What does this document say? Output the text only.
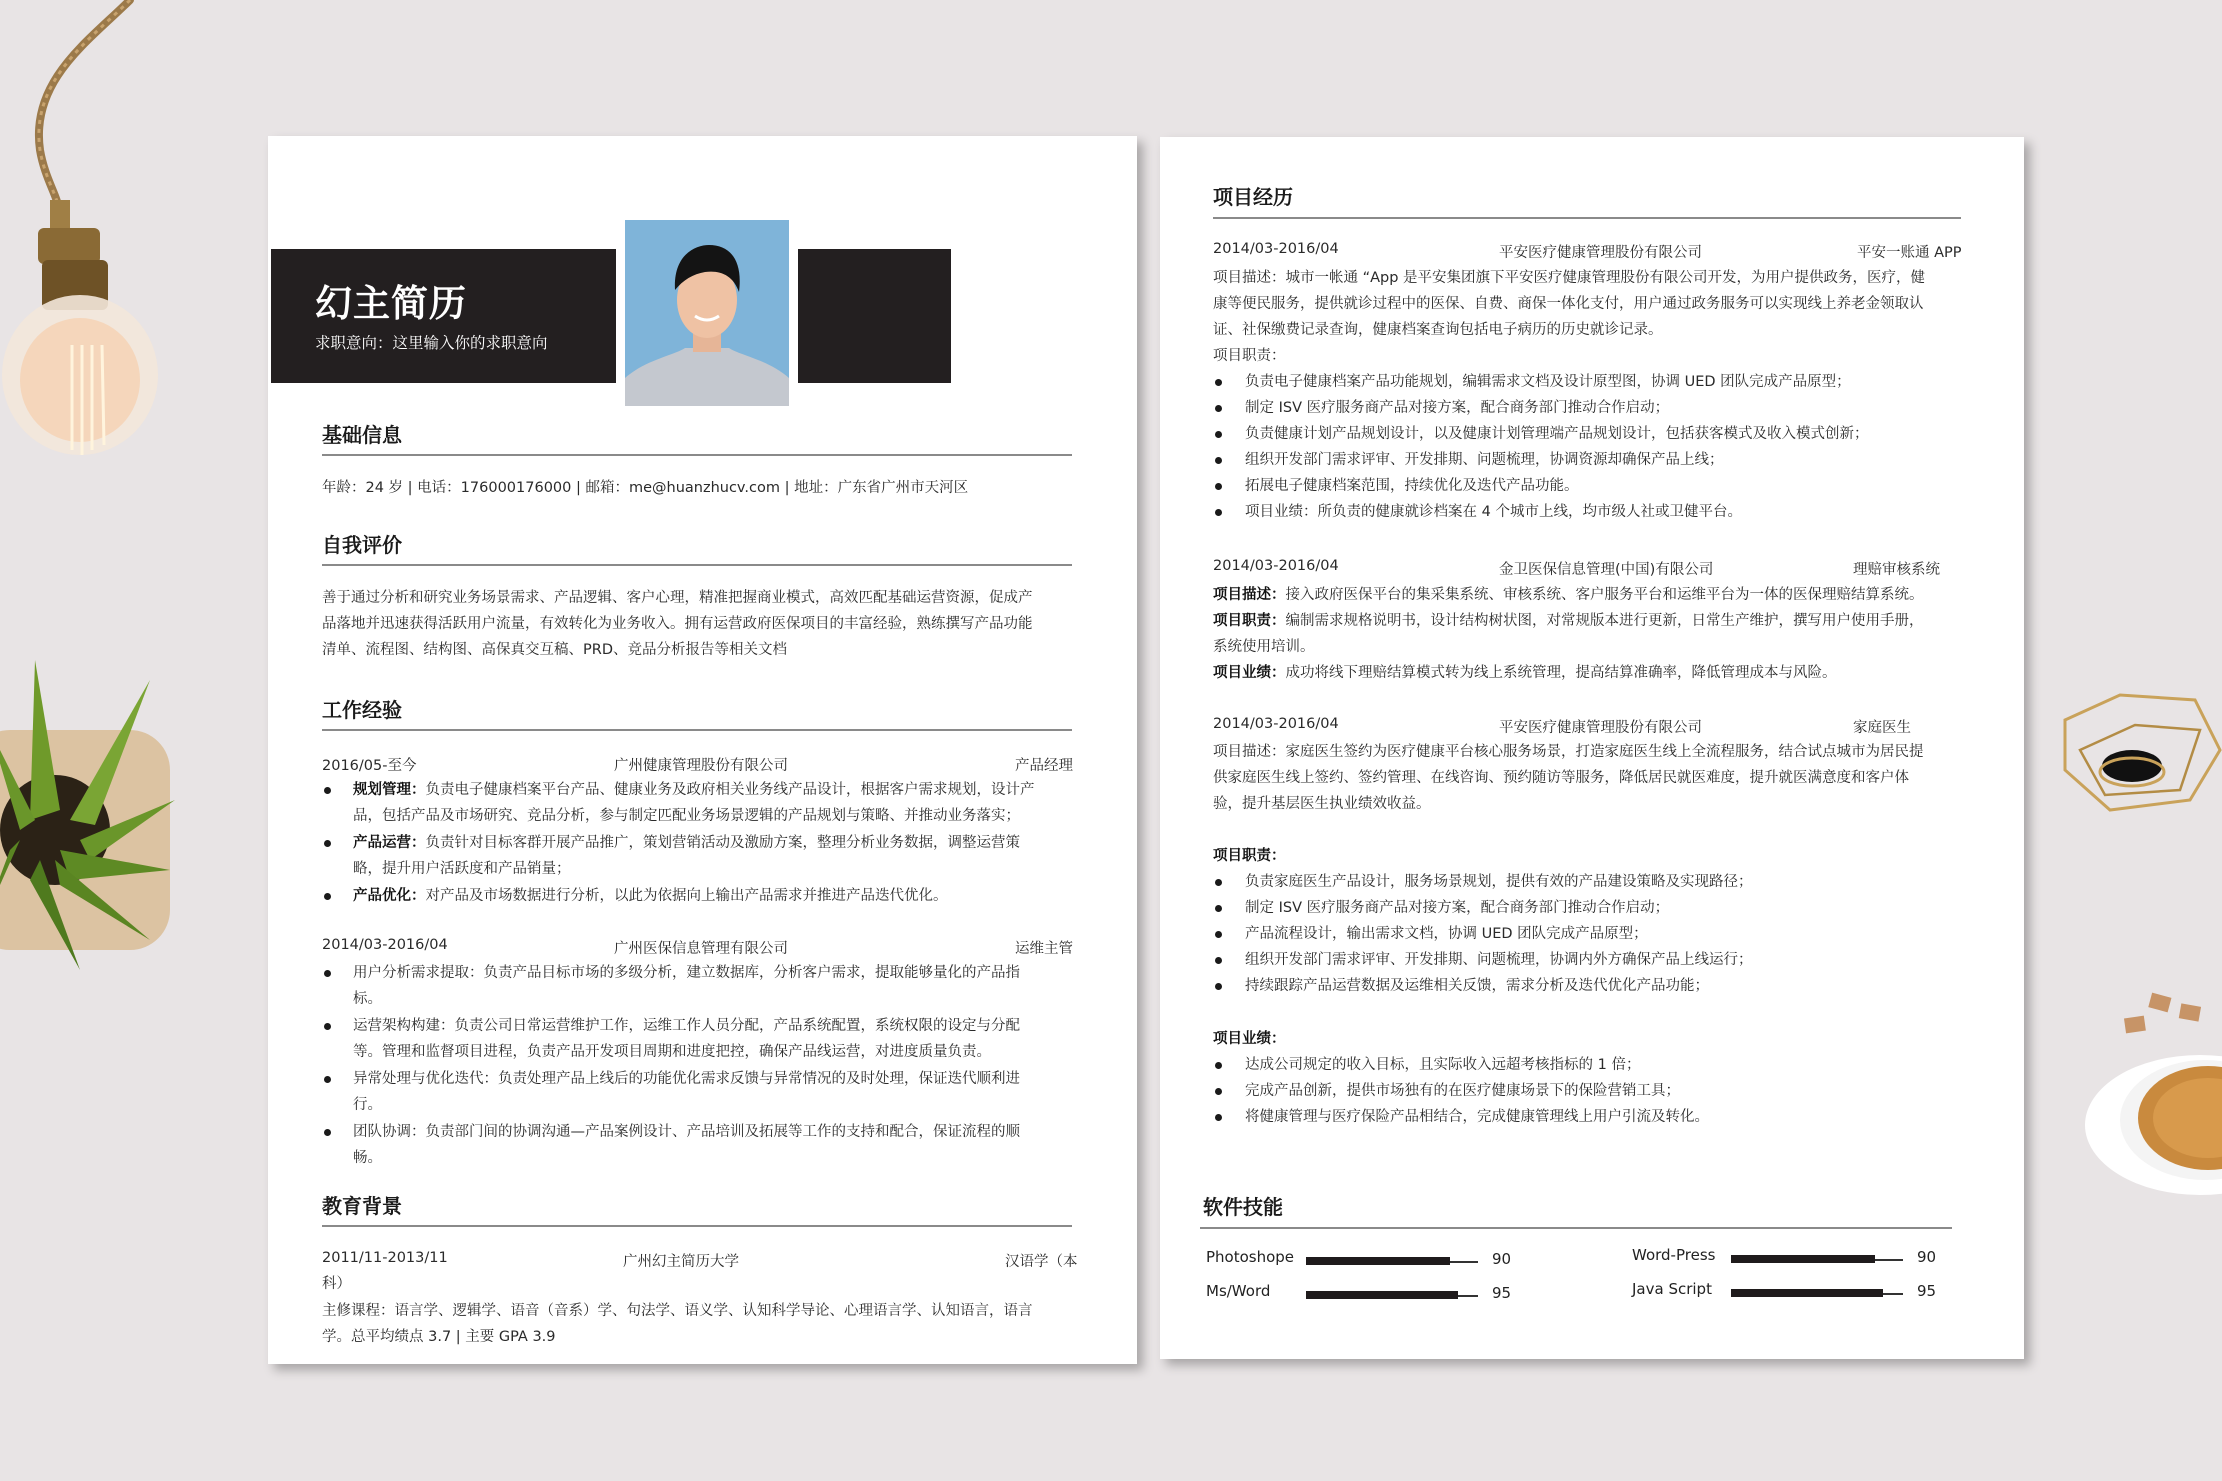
幻主简历
求职意向：这里输入你的求职意向
基础信息
年龄：24 岁 | 电话：176000176000 | 邮箱：me@huanzhucv.com | 地址：广东省广州市天河区
自我评价
善于通过分析和研究业务场景需求、产品逻辑、客户心理，精准把握商业模式，高效匹配基础运营资源，促成产
品落地并迅速获得活跃用户流量，有效转化为业务收入。拥有运营政府医保项目的丰富经验，熟练撰写产品功能
清单、流程图、结构图、高保真交互稿、PRD、竞品分析报告等相关文档
工作经验
2016/05-至今	广州健康管理股份有限公司	产品经理
规划管理：负责电子健康档案平台产品、健康业务及政府相关业务线产品设计，根据客户需求规划，设计产
品，包括产品及市场研究、竞品分析，参与制定匹配业务场景逻辑的产品规划与策略、并推动业务落实；
产品运营：负责针对目标客群开展产品推广，策划营销活动及激励方案，整理分析业务数据，调整运营策
略，提升用户活跃度和产品销量；
产品优化：对产品及市场数据进行分析，以此为依据向上输出产品需求并推进产品迭代优化。
2014/03-2016/04	广州医保信息管理有限公司	运维主管
用户分析需求提取：负责产品目标市场的多级分析，建立数据库，分析客户需求，提取能够量化的产品指
标。
运营架构构建：负责公司日常运营维护工作，运维工作人员分配，产品系统配置，系统权限的设定与分配
等。管理和监督项目进程，负责产品开发项目周期和进度把控，确保产品线运营，对进度质量负责。
异常处理与优化迭代：负责处理产品上线后的功能优化需求反馈与异常情况的及时处理，保证迭代顺利进
行。
团队协调：负责部门间的协调沟通—产品案例设计、产品培训及拓展等工作的支持和配合，保证流程的顺
畅。
教育背景
2011/11-2013/11	广州幻主简历大学	汉语学（本
科）
主修课程：语言学、逻辑学、语音（音系）学、句法学、语义学、认知科学导论、心理语言学、认知语言，语言
学。总平均绩点 3.7 | 主要 GPA 3.9
项目经历
2014/03-2016/04	平安医疗健康管理股份有限公司	平安一账通 APP
项目描述：城市一帐通 “App 是平安集团旗下平安医疗健康管理股份有限公司开发，为用户提供政务，医疗，健
康等便民服务，提供就诊过程中的医保、自费、商保一体化支付，用户通过政务服务可以实现线上养老金领取认
证、社保缴费记录查询，健康档案查询包括电子病历的历史就诊记录。
项目职责：
负责电子健康档案产品功能规划，编辑需求文档及设计原型图，协调 UED 团队完成产品原型；
制定 ISV 医疗服务商产品对接方案，配合商务部门推动合作启动；
负责健康计划产品规划设计，以及健康计划管理端产品规划设计，包括获客模式及收入模式创新；
组织开发部门需求评审、开发排期、问题梳理，协调资源却确保产品上线；
拓展电子健康档案范围，持续优化及迭代产品功能。
项目业绩：所负责的健康就诊档案在 4 个城市上线，均市级人社或卫健平台。
2014/03-2016/04	金卫医保信息管理(中国)有限公司	理赔审核系统
项目描述：接入政府医保平台的集采集系统、审核系统、客户服务平台和运维平台为一体的医保理赔结算系统。
项目职责：编制需求规格说明书，设计结构树状图，对常规版本进行更新，日常生产维护，撰写用户使用手册，
系统使用培训。
项目业绩：成功将线下理赔结算模式转为线上系统管理，提高结算准确率，降低管理成本与风险。
2014/03-2016/04	平安医疗健康管理股份有限公司	家庭医生
项目描述：家庭医生签约为医疗健康平台核心服务场景，打造家庭医生线上全流程服务，结合试点城市为居民提
供家庭医生线上签约、签约管理、在线咨询、预约随访等服务，降低居民就医难度，提升就医满意度和客户体
验，提升基层医生执业绩效收益。
项目职责：
负责家庭医生产品设计，服务场景规划，提供有效的产品建设策略及实现路径；
制定 ISV 医疗服务商产品对接方案，配合商务部门推动合作启动；
产品流程设计，输出需求文档，协调 UED 团队完成产品原型；
组织开发部门需求评审、开发排期、问题梳理，协调内外方确保产品上线运行；
持续跟踪产品运营数据及运维相关反馈，需求分析及迭代优化产品功能；
项目业绩：
达成公司规定的收入目标，且实际收入远超考核指标的 1 倍；
完成产品创新，提供市场独有的在医疗健康场景下的保险营销工具；
将健康管理与医疗保险产品相结合，完成健康管理线上用户引流及转化。
软件技能
Photoshope	90
Ms/Word	95
Word-Press	90
Java Script	95
